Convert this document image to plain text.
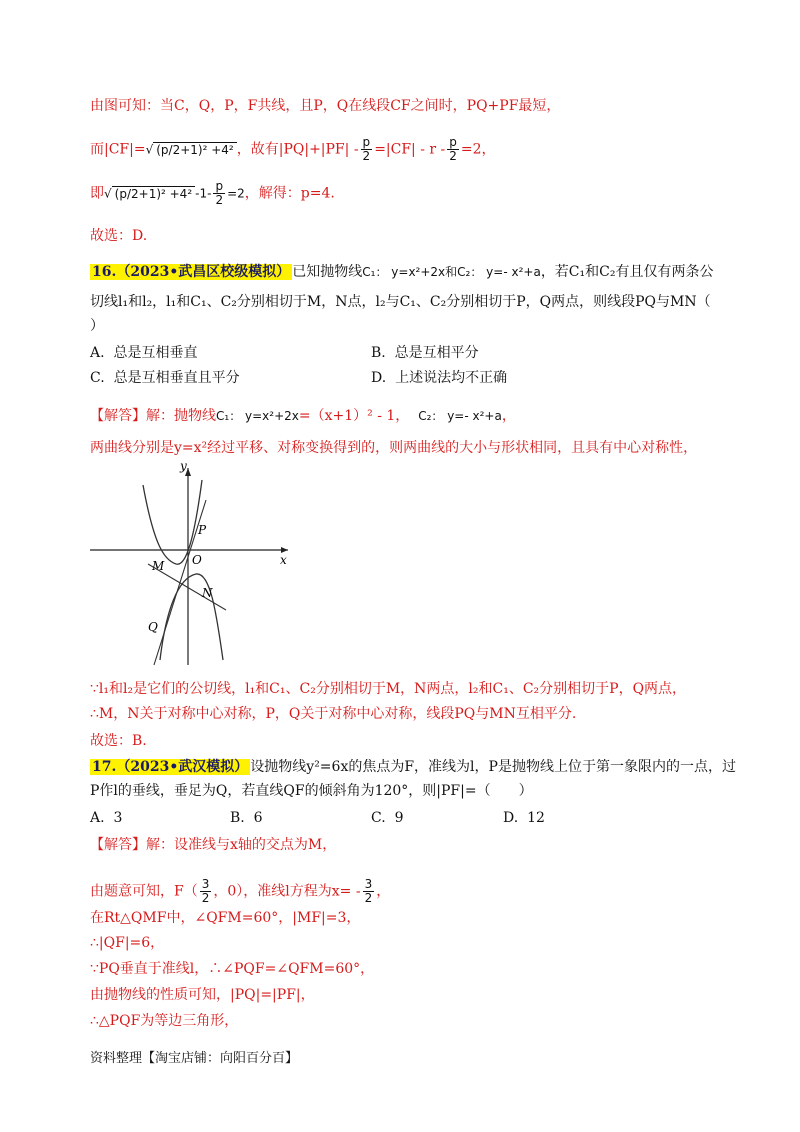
由图可知：当C，Q，P，F共线，且P，Q在线段CF之间时，PQ+PF最短，
而|CF|=√ (p/2+1)² +4² ，故有$|PQ|+|PF| - \frac{p}{2} =|CF| - r - \frac{p}{2} =2$，
即√ (p/2+1)² +4² $-1- \frac{p}{2} =2$，解得：p=4.
故选：D.
16.（2023•武昌区校级模拟） 已知抛物线C₁： y=x²+2x和C₂： y=- x²+a，若C₁和C₂有且仅有两条公
切线l₁和l₂，l₁和C₁、C₂分别相切于M，N点，l₂与C₁、C₂分别相切于P，Q两点，则线段PQ与MN（
）
A. 总是互相垂直	B. 总是互相平分
C. 总是互相垂直且平分	D. 上述说法均不正确
【解答】解：抛物线C₁： y=x²+2x=（x+1）² - 1， C₂： y=- x²+a，
两曲线分别是y=x²经过平移、对称变换得到的，则两曲线的大小与形状相同，且具有中心对称性，
y
x
P
O
M
N
Q
∵l₁和l₂是它们的公切线，l₁和C₁、C₂分别相切于M，N两点，l₂和C₁、C₂分别相切于P，Q两点，
∴M，N关于对称中心对称，P，Q关于对称中心对称，线段PQ与MN互相平分.
故选：B.
17.（2023•武汉模拟） 设抛物线y²=6x的焦点为F，准线为l，P是抛物线上位于第一象限内的一点，过
P作l的垂线，垂足为Q，若直线QF的倾斜角为120°，则|PF|=（　　）
A. 3	B. 6	C. 9	D. 12
【解答】解：设准线与x轴的交点为M，
由题意可知，$F( \frac{3}{2}$ ，0），准线l方程为$x= - \frac{3}{2}$ ，
在Rt△QMF中，∠QFM=60°，|MF|=3，
∴|QF|=6，
∵PQ垂直于准线l，∴∠PQF=∠QFM=60°，
由抛物线的性质可知，|PQ|=|PF|，
∴△PQF为等边三角形，
资料整理【淘宝店铺：向阳百分百】
